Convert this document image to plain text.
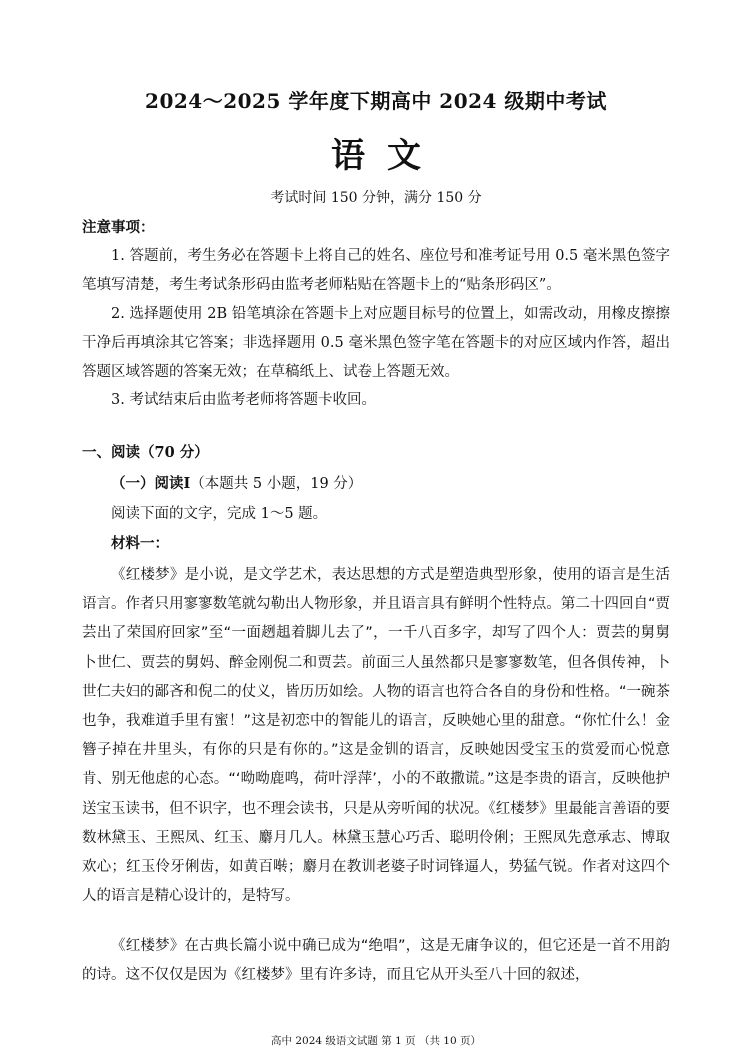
2024～2025 学年度下期高中 2024 级期中考试
语文
考试时间 150 分钟，满分 150 分
注意事项：
1. 答题前，考生务必在答题卡上将自己的姓名、座位号和准考证号用 0.5 毫米黑色签字笔填写清楚，考生考试条形码由监考老师粘贴在答题卡上的“贴条形码区”。
2. 选择题使用 2B 铅笔填涂在答题卡上对应题目标号的位置上，如需改动，用橡皮擦擦干净后再填涂其它答案；非选择题用 0.5 毫米黑色签字笔在答题卡的对应区域内作答，超出答题区域答题的答案无效；在草稿纸上、试卷上答题无效。
3. 考试结束后由监考老师将答题卡收回。
一、阅读（70 分）
（一）阅读Ⅰ（本题共 5 小题，19 分）
阅读下面的文字，完成 1～5 题。
材料一：
《红楼梦》是小说，是文学艺术，表达思想的方式是塑造典型形象，使用的语言是生活语言。作者只用寥寥数笔就勾勒出人物形象，并且语言具有鲜明个性特点。第二十四回自“贾芸出了荣国府回家”至“一面趔趄着脚儿去了”，一千八百多字，却写了四个人：贾芸的舅舅卜世仁、贾芸的舅妈、醉金刚倪二和贾芸。前面三人虽然都只是寥寥数笔，但各俱传神，卜世仁夫妇的鄙吝和倪二的仗义，皆历历如绘。人物的语言也符合各自的身份和性格。“一碗茶也争，我难道手里有蜜！”这是初恋中的智能儿的语言，反映她心里的甜意。“你忙什么！金簪子掉在井里头，有你的只是有你的。”这是金钏的语言，反映她因受宝玉的赏爱而心悦意肯、别无他虑的心态。“‘呦呦鹿鸣，荷叶浮萍’，小的不敢撒谎。”这是李贵的语言，反映他护送宝玉读书，但不识字，也不理会读书，只是从旁听闻的状况。《红楼梦》里最能言善语的要数林黛玉、王熙凤、红玉、麝月几人。林黛玉慧心巧舌、聪明伶俐；王熙凤先意承志、博取欢心；红玉伶牙俐齿，如黄百啭；麝月在教训老婆子时词锋逼人，势猛气锐。作者对这四个人的语言是精心设计的，是特写。
《红楼梦》在古典长篇小说中确已成为“绝唱”，这是无庸争议的，但它还是一首不用韵的诗。这不仅仅是因为《红楼梦》里有许多诗，而且它从开头至八十回的叙述，
高中 2024 级语文试题 第 1 页 （共 10 页）
